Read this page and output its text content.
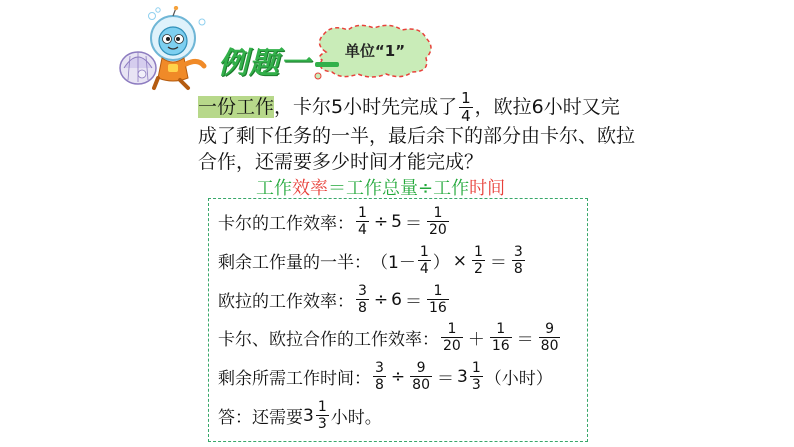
单位“1”
例题一
一份工作，卡尔5小时先完成了 $\frac{1}{4}$ ，欧拉6小时又完
成了剩下任务的一半，最后余下的部分由卡尔、欧拉
合作，还需要多少时间才能完成？
工作效率＝工作总量÷工作时间
卡尔的工作效率： $\frac{1}{4} \div 5 = \frac{1}{20}$
剩余工作量的一半： （$1- \frac{1}{4}$ ） × $\frac{1}{2} = \frac{3}{8}$
欧拉的工作效率： $\frac{3}{8} \div 6 = \frac{1}{16}$
卡尔、欧拉合作的工作效率： $\frac{1}{20} + \frac{1}{16} = \frac{9}{80}$
剩余所需工作时间： $\frac{3}{8} \div \frac{9}{80} = 3 \frac{1}{3}$ （小时）
答：还需要 $3 \frac{1}{3}$ 小时。
